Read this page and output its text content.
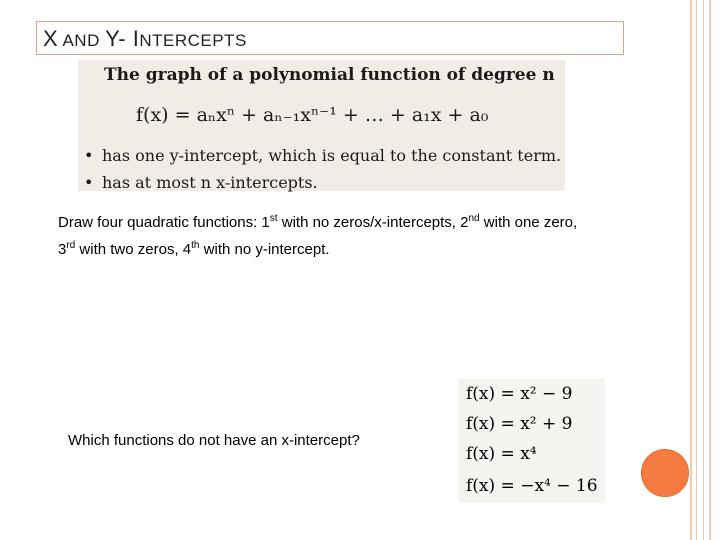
X AND Y- INTERCEPTS
The graph of a polynomial function of degree n
f(x) = aₙxⁿ + aₙ₋₁xⁿ⁻¹ + … + a₁x + a₀
• has one y-intercept, which is equal to the constant term.
• has at most n x-intercepts.
Draw four quadratic functions: 1st with no zeros/x-intercepts, 2nd with one zero, 3rd with two zeros, 4th with no y-intercept.
Which functions do not have an x-intercept?
f(x) = x² − 9
f(x) = x² + 9
f(x) = x⁴
f(x) = −x⁴ − 16
